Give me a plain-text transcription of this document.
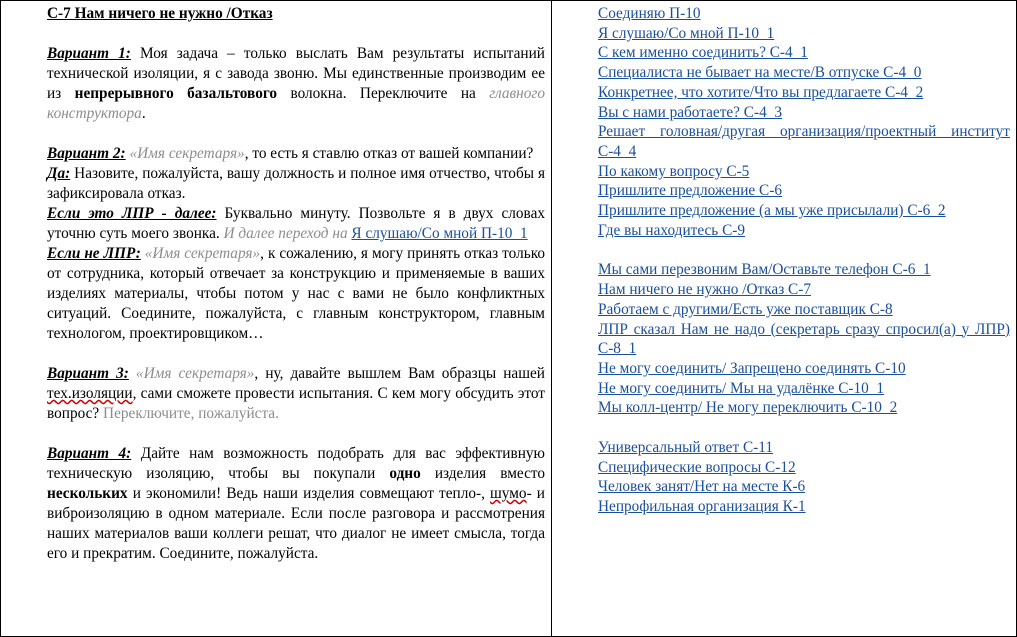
С-7 Нам ничего не нужно /Отказ

Вариант 1: Моя задача – только выслать Вам результаты испытаний технической изоляции, я с завода звоню. Мы единственные производим ее из непрерывного базальтового волокна. Переключите на главного конструктора.

Вариант 2: «Имя секретаря», то есть я ставлю отказ от вашей компании?

Да: Назовите, пожалуйста, вашу должность и полное имя отчество, чтобы я зафиксировала отказ.

Если это ЛПР - далее: Буквально минуту. Позвольте я в двух словах уточню суть моего звонка. И далее переход на Я слушаю/Со мной П-10_1

Если не ЛПР: «Имя секретаря», к сожалению, я могу принять отказ только от сотрудника, который отвечает за конструкцию и применяемые в ваших изделиях материалы, чтобы потом у нас с вами не было конфликтных ситуаций. Соедините, пожалуйста, с главным конструктором, главным технологом, проектировщиком…

Вариант 3: «Имя секретаря», ну, давайте вышлем Вам образцы нашей тех.изоляции, сами сможете провести испытания. С кем могу обсудить этот вопрос? Переключите, пожалуйста.

Вариант 4: Дайте нам возможность подобрать для вас эффективную техническую изоляцию, чтобы вы покупали одно изделия вместо нескольких и экономили! Ведь наши изделия совмещают тепло-, шумо- и виброизоляцию в одном материале. Если после разговора и рассмотрения наших материалов ваши коллеги решат, что диалог не имеет смысла, тогда его и прекратим. Соедините, пожалуйста.

Соединяю П-10
Я слушаю/Со мной П-10_1
С кем именно соединить? С-4_1
Специалиста не бывает на месте/В отпуске С-4_0
Конкретнее, что хотите/Что вы предлагаете С-4_2
Вы с нами работаете? С-4_3
Решает головная/другая организация/проектный институт С-4_4
По какому вопросу С-5
Пришлите предложение С-6
Пришлите предложение (а мы уже присылали) С-6_2
Где вы находитесь С-9
Мы сами перезвоним Вам/Оставьте телефон С-6_1
Нам ничего не нужно /Отказ С-7
Работаем с другими/Есть уже поставщик С-8
ЛПР сказал Нам не надо (секретарь сразу спросил(а) у ЛПР) С-8_1
Не могу соединить/ Запрещено соединять С-10
Не могу соединить/ Мы на удалёнке С-10_1
Мы колл-центр/ Не могу переключить С-10_2
Универсальный ответ С-11
Специфические вопросы С-12
Человек занят/Нет на месте К-6
Непрофильная организация К-1
